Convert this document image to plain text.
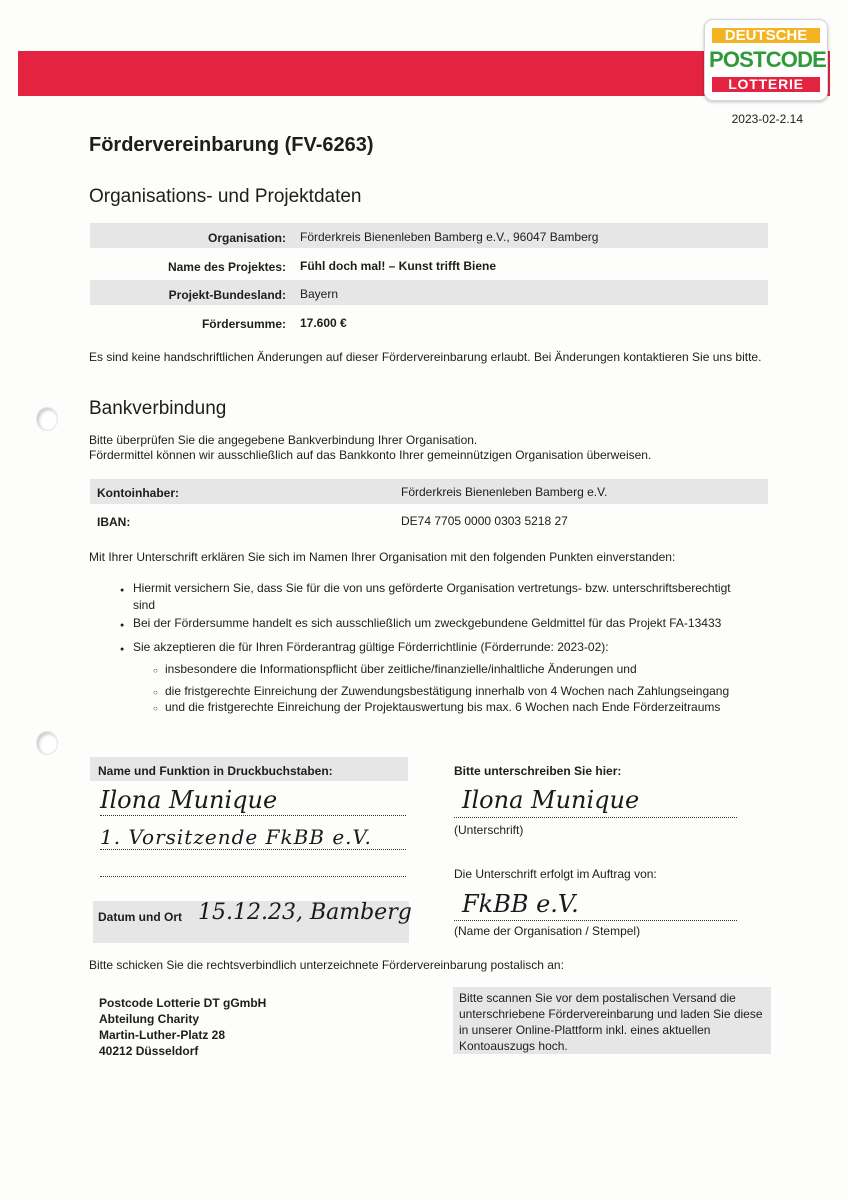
DEUTSCHE
POSTCODE
LOTTERIE
2023-02-2.14
Fördervereinbarung (FV-6263)
Organisations- und Projektdaten
Organisation: Förderkreis Bienenleben Bamberg e.V., 96047 Bamberg
Name des Projektes: Fühl doch mal! – Kunst trifft Biene
Projekt-Bundesland: Bayern
Fördersumme: 17.600 €
Es sind keine handschriftlichen Änderungen auf dieser Fördervereinbarung erlaubt. Bei Änderungen kontaktieren Sie uns bitte.
Bankverbindung
Bitte überprüfen Sie die angegebene Bankverbindung Ihrer Organisation.
Fördermittel können wir ausschließlich auf das Bankkonto Ihrer gemeinnützigen Organisation überweisen.
Kontoinhaber:	Förderkreis Bienenleben Bamberg e.V.
IBAN:	DE74 7705 0000 0303 5218 27
Mit Ihrer Unterschrift erklären Sie sich im Namen Ihrer Organisation mit den folgenden Punkten einverstanden:
● Hiermit versichern Sie, dass Sie für die von uns geförderte Organisation vertretungs- bzw. unterschriftsberechtigt sind
● Bei der Fördersumme handelt es sich ausschließlich um zweckgebundene Geldmittel für das Projekt FA-13433
● Sie akzeptieren die für Ihren Förderantrag gültige Förderrichtlinie (Förderrunde: 2023-02):
○ insbesondere die Informationspflicht über zeitliche/finanzielle/inhaltliche Änderungen und
○ die fristgerechte Einreichung der Zuwendungsbestätigung innerhalb von 4 Wochen nach Zahlungseingang
○ und die fristgerechte Einreichung der Projektauswertung bis max. 6 Wochen nach Ende Förderzeitraums
Name und Funktion in Druckbuchstaben:
Ilona Munique
1. Vorsitzende FkBB e.V.
Datum und Ort 15.12.23, Bamberg
Bitte unterschreiben Sie hier:
Ilona Munique
(Unterschrift)
Die Unterschrift erfolgt im Auftrag von:
FkBB e.V.
(Name der Organisation / Stempel)
Bitte schicken Sie die rechtsverbindlich unterzeichnete Fördervereinbarung postalisch an:
Postcode Lotterie DT gGmbH
Abteilung Charity
Martin-Luther-Platz 28
40212 Düsseldorf
Bitte scannen Sie vor dem postalischen Versand die unterschriebene Fördervereinbarung und laden Sie diese in unserer Online-Plattform inkl. eines aktuellen Kontoauszugs hoch.
